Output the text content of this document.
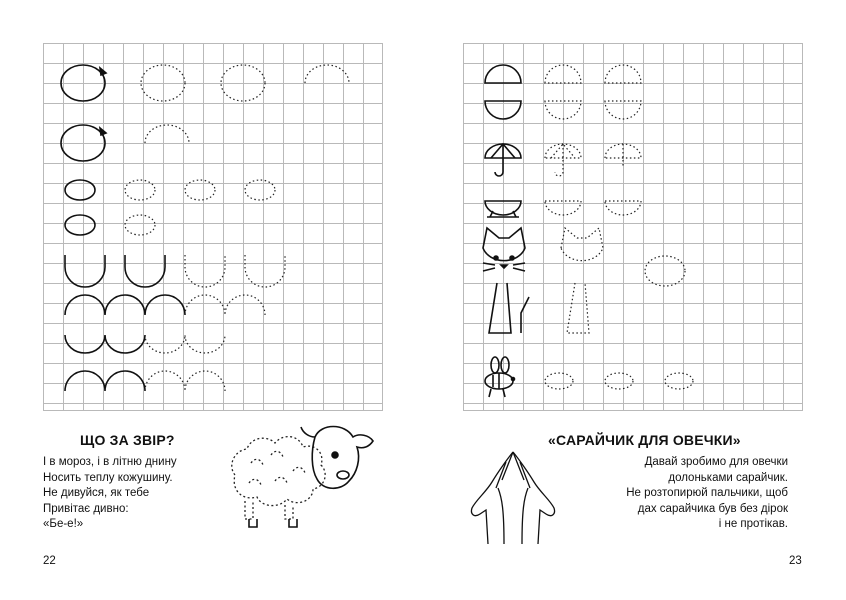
ЩО ЗА ЗВІР?
І в мороз, і в літню днину
Носить теплу кожушину.
Не дивуйся, як тебе
Привітає дивно:
«Бе-е!»
22
«САРАЙЧИК ДЛЯ ОВЕЧКИ»
Давай зробимо для овечки
долоньками сарайчик.
Не розтопирюй пальчики, щоб
дах сарайчика був без дірок
і не протікав.
23
